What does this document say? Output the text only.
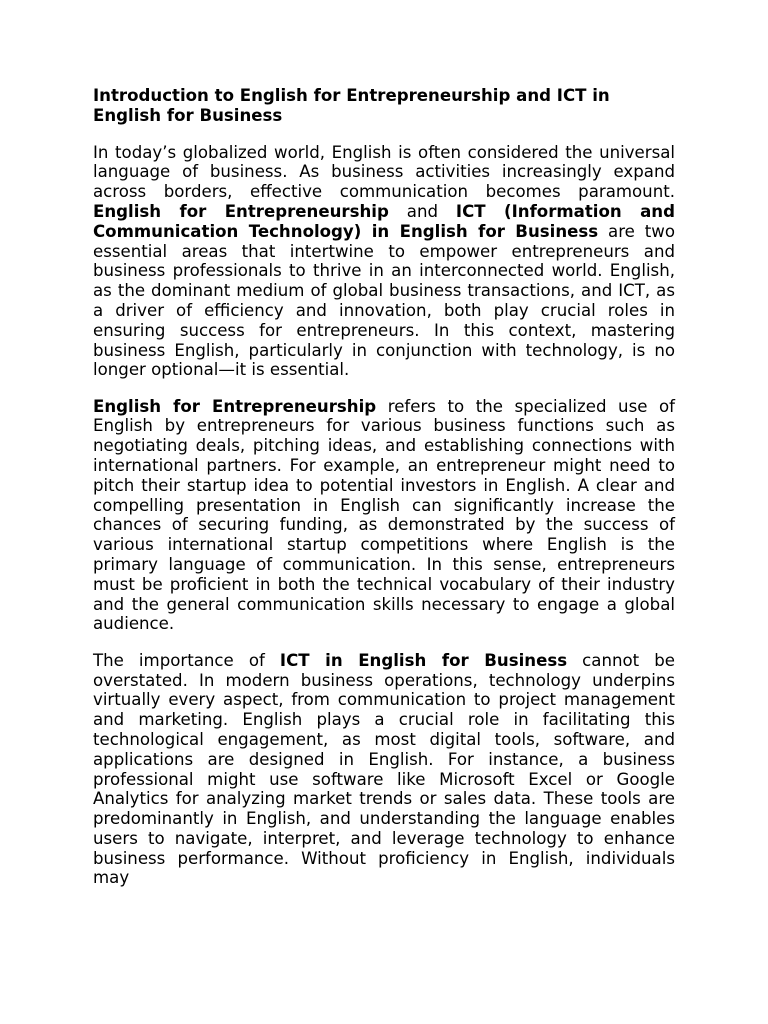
Introduction to English for Entrepreneurship and ICT in English for Business

In today’s globalized world, English is often considered the universal language of business. As business activities increasingly expand across borders, effective communication becomes paramount. English for Entrepreneurship and ICT (Information and Communication Technology) in English for Business are two essential areas that intertwine to empower entrepreneurs and business professionals to thrive in an interconnected world. English, as the dominant medium of global business transactions, and ICT, as a driver of efficiency and innovation, both play crucial roles in ensuring success for entrepreneurs. In this context, mastering business English, particularly in conjunction with technology, is no longer optional—it is essential.

English for Entrepreneurship refers to the specialized use of English by entrepreneurs for various business functions such as negotiating deals, pitching ideas, and establishing connections with international partners. For example, an entrepreneur might need to pitch their startup idea to potential investors in English. A clear and compelling presentation in English can significantly increase the chances of securing funding, as demonstrated by the success of various international startup competitions where English is the primary language of communication. In this sense, entrepreneurs must be proficient in both the technical vocabulary of their industry and the general communication skills necessary to engage a global audience.

The importance of ICT in English for Business cannot be overstated. In modern business operations, technology underpins virtually every aspect, from communication to project management and marketing. English plays a crucial role in facilitating this technological engagement, as most digital tools, software, and applications are designed in English. For instance, a business professional might use software like Microsoft Excel or Google Analytics for analyzing market trends or sales data. These tools are predominantly in English, and understanding the language enables users to navigate, interpret, and leverage technology to enhance business performance. Without proficiency in English, individuals may
